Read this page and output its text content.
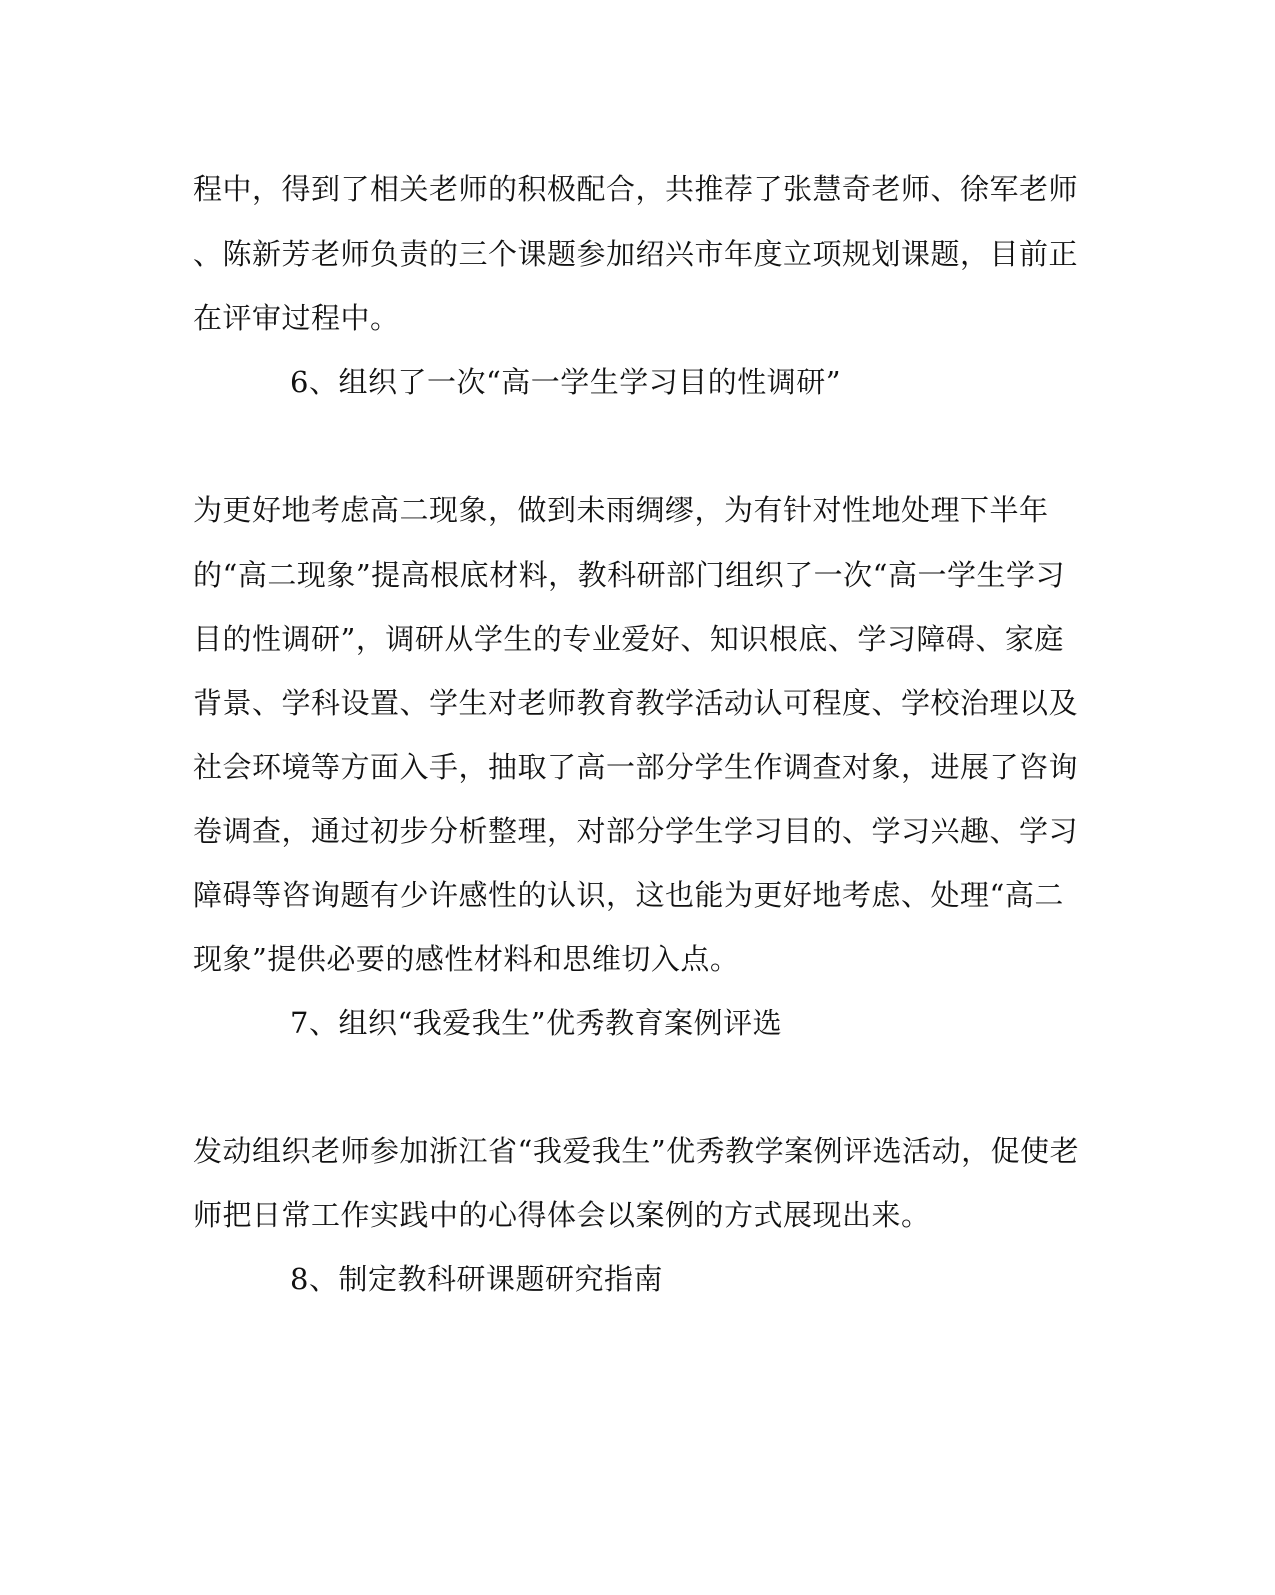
程中，得到了相关老师的积极配合，共推荐了张慧奇老师、徐军老师
、陈新芳老师负责的三个课题参加绍兴市年度立项规划课题，目前正
在评审过程中。
6、组织了一次“高一学生学习目的性调研”
为更好地考虑高二现象，做到未雨绸缪，为有针对性地处理下半年
的“高二现象”提高根底材料，教科研部门组织了一次“高一学生学习
目的性调研”，调研从学生的专业爱好、知识根底、学习障碍、家庭
背景、学科设置、学生对老师教育教学活动认可程度、学校治理以及
社会环境等方面入手，抽取了高一部分学生作调查对象，进展了咨询
卷调查，通过初步分析整理，对部分学生学习目的、学习兴趣、学习
障碍等咨询题有少许感性的认识，这也能为更好地考虑、处理“高二
现象”提供必要的感性材料和思维切入点。
7、组织“我爱我生”优秀教育案例评选
发动组织老师参加浙江省“我爱我生”优秀教学案例评选活动，促使老
师把日常工作实践中的心得体会以案例的方式展现出来。
8、制定教科研课题研究指南
